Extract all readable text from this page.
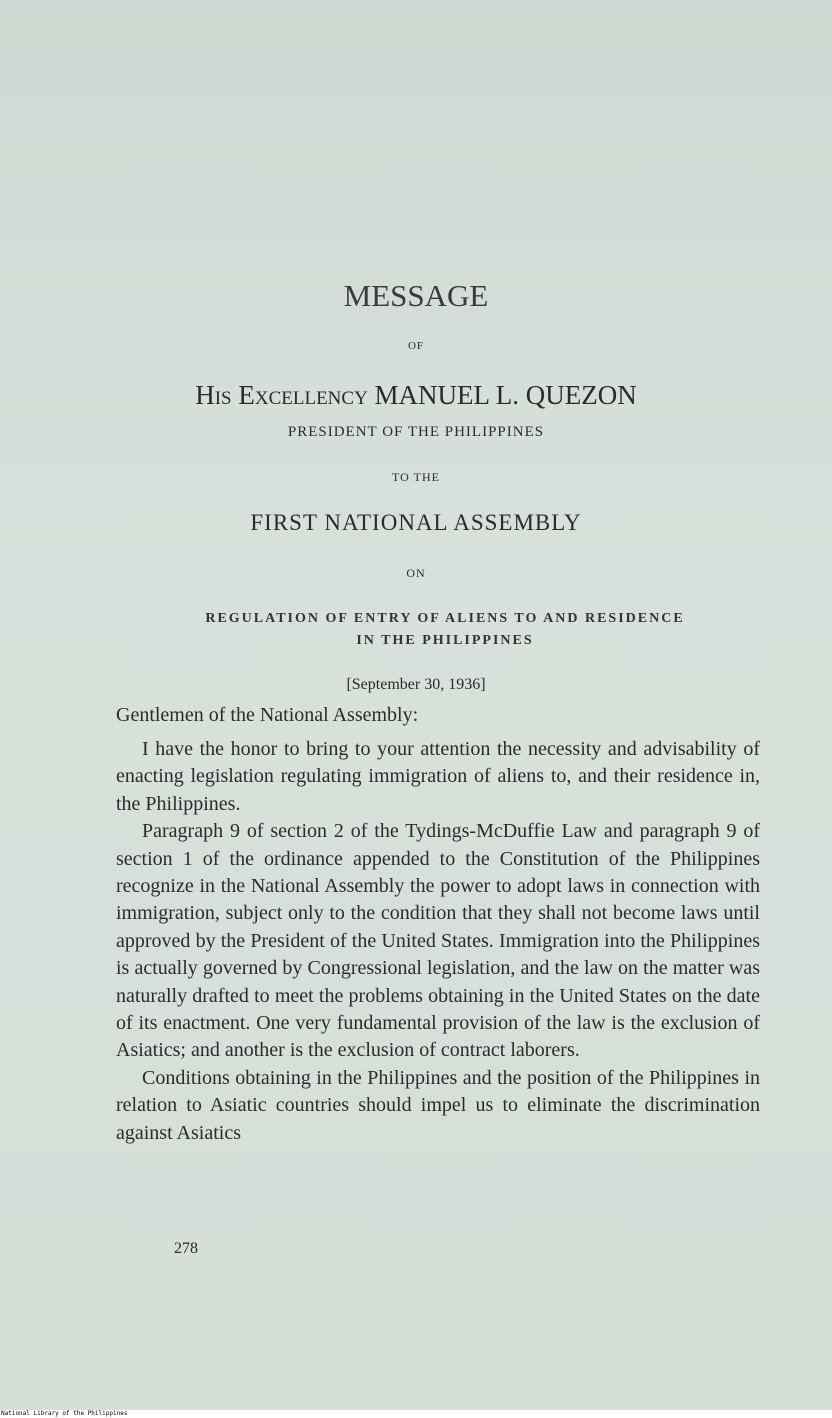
MESSAGE
OF
His Excellency MANUEL L. QUEZON
PRESIDENT OF THE PHILIPPINES
TO THE
FIRST NATIONAL ASSEMBLY
ON
REGULATION OF ENTRY OF ALIENS TO AND RESIDENCE
IN THE PHILIPPINES
[September 30, 1936]
Gentlemen of the National Assembly:

I have the honor to bring to your attention the necessity and advisability of enacting legislation regulating immigration of aliens to, and their residence in, the Philippines.

Paragraph 9 of section 2 of the Tydings-McDuffie Law and paragraph 9 of section 1 of the ordinance appended to the Constitution of the Philippines recognize in the National Assembly the power to adopt laws in connection with immigration, subject only to the condition that they shall not become laws until approved by the President of the United States. Immigration into the Philippines is actually governed by Congressional legislation, and the law on the matter was naturally drafted to meet the problems obtaining in the United States on the date of its enactment. One very fundamental provision of the law is the exclusion of Asiatics; and another is the exclusion of contract laborers.

Conditions obtaining in the Philippines and the position of the Philippines in relation to Asiatic countries should impel us to eliminate the discrimination against Asiatics

278
National Library of the Philippines
